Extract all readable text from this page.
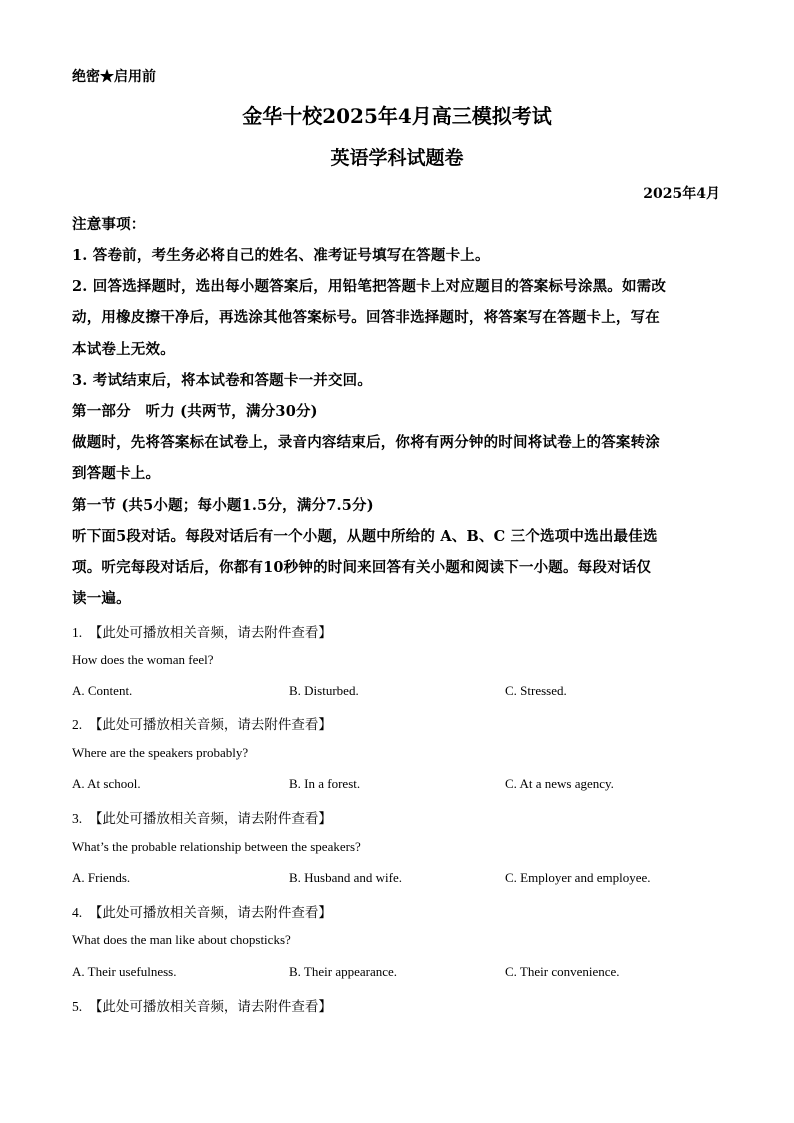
绝密★启用前
金华十校2025年4月高三模拟考试
英语学科试题卷
2025年4月
注意事项：
1. 答卷前，考生务必将自己的姓名、准考证号填写在答题卡上。
2. 回答选择题时，选出每小题答案后，用铅笔把答题卡上对应题目的答案标号涂黑。如需改
动，用橡皮擦干净后，再选涂其他答案标号。回答非选择题时，将答案写在答题卡上，写在
本试卷上无效。
3. 考试结束后，将本试卷和答题卡一并交回。
第一部分　听力 (共两节，满分30分)
做题时，先将答案标在试卷上，录音内容结束后，你将有两分钟的时间将试卷上的答案转涂
到答题卡上。
第一节 (共5小题；每小题1.5分，满分7.5分)
听下面5段对话。每段对话后有一个小题，从题中所给的 A、B、C 三个选项中选出最佳选
项。听完每段对话后，你都有10秒钟的时间来回答有关小题和阅读下一小题。每段对话仅
读一遍。
1.　【此处可播放相关音频，请去附件查看】
How does the woman feel?
A. Content.	B. Disturbed.	C. Stressed.
2.　【此处可播放相关音频，请去附件查看】
Where are the speakers probably?
A. At school.	B. In a forest.	C. At a news agency.
3.　【此处可播放相关音频，请去附件查看】
What’s the probable relationship between the speakers?
A. Friends.	B. Husband and wife.	C. Employer and employee.
4.　【此处可播放相关音频，请去附件查看】
What does the man like about chopsticks?
A. Their usefulness.	B. Their appearance.	C. Their convenience.
5.　【此处可播放相关音频，请去附件查看】
